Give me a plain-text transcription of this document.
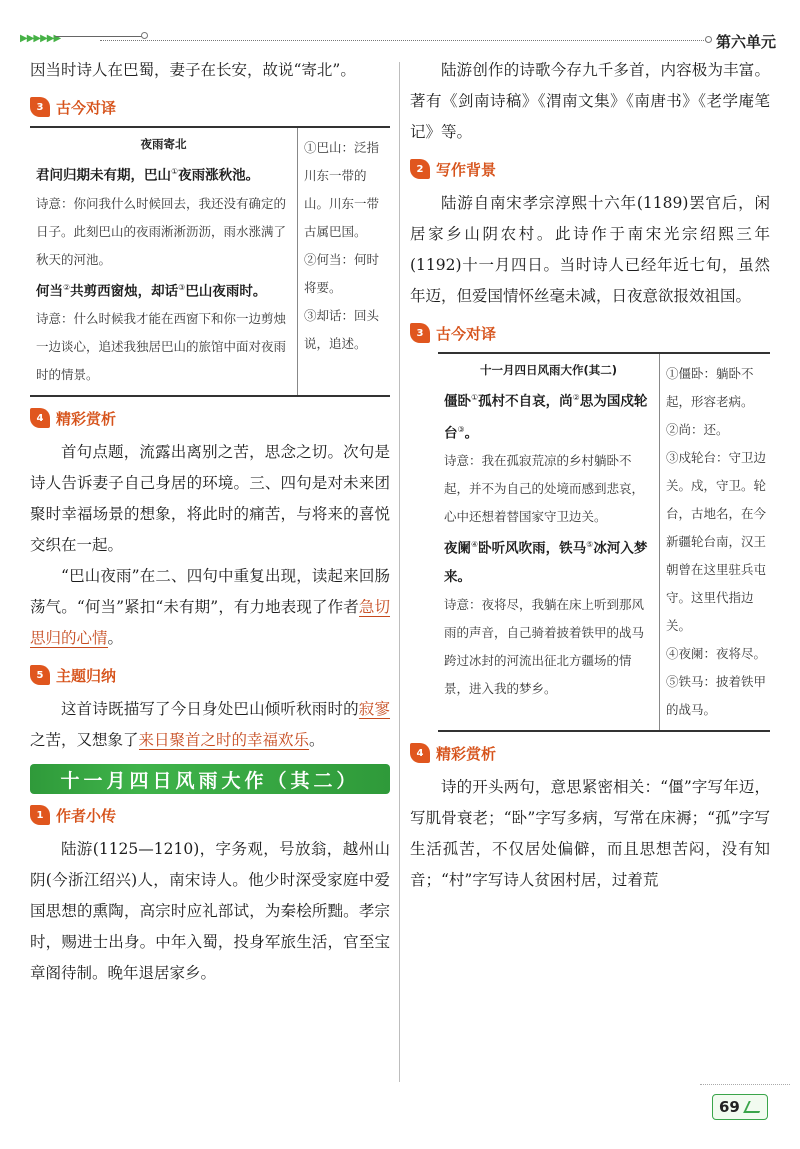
▶▶▶▶▶▶	第六单元

因当时诗人在巴蜀，妻子在长安，故说“寄北”。

3 古今对译
夜雨寄北
君问归期未有期，巴山①夜雨涨秋池。
诗意：你问我什么时候回去，我还没有确定的日子。此刻巴山的夜雨淅淅沥沥，雨水涨满了秋天的河池。
何当②共剪西窗烛，却话③巴山夜雨时。
诗意：什么时候我才能在西窗下和你一边剪烛一边谈心，追述我独居巴山的旅馆中面对夜雨时的情景。
①巴山：泛指川东一带的山。川东一带古属巴国。
②何当：何时将要。
③却话：回头说，追述。
4 精彩赏析

首句点题，流露出离别之苦，思念之切。次句是诗人告诉妻子自己身居的环境。三、四句是对未来团聚时幸福场景的想象，将此时的痛苦，与将来的喜悦交织在一起。

“巴山夜雨”在二、四句中重复出现，读起来回肠荡气。“何当”紧扣“未有期”，有力地表现了作者急切思归的心情。

5 主题归纳

这首诗既描写了今日身处巴山倾听秋雨时的寂寥之苦，又想象了来日聚首之时的幸福欢乐。

十一月四日风雨大作（其二）
1 作者小传

陆游(1125—1210)，字务观，号放翁，越州山阴(今浙江绍兴)人，南宋诗人。他少时深受家庭中爱国思想的熏陶，高宗时应礼部试，为秦桧所黜。孝宗时，赐进士出身。中年入蜀，投身军旅生活，官至宝章阁待制。晚年退居家乡。

陆游创作的诗歌今存九千多首，内容极为丰富。著有《剑南诗稿》《渭南文集》《南唐书》《老学庵笔记》等。

2 写作背景

陆游自南宋孝宗淳熙十六年(1189)罢官后，闲居家乡山阴农村。此诗作于南宋光宗绍熙三年(1192)十一月四日。当时诗人已经年近七旬，虽然年迈，但爱国情怀丝毫未减，日夜意欲报效祖国。

3 古今对译
十一月四日风雨大作(其二)
僵卧①孤村不自哀，尚②思为国戍轮台③。
诗意：我在孤寂荒凉的乡村躺卧不起，并不为自己的处境而感到悲哀，心中还想着替国家守卫边关。
夜阑④卧听风吹雨，铁马⑤冰河入梦来。
诗意：夜将尽，我躺在床上听到那风雨的声音，自己骑着披着铁甲的战马跨过冰封的河流出征北方疆场的情景，进入我的梦乡。
①僵卧：躺卧不起，形容老病。
②尚：还。
③戍轮台：守卫边关。戍，守卫。轮台，古地名，在今新疆轮台南，汉王朝曾在这里驻兵屯守。这里代指边关。
④夜阑：夜将尽。
⑤铁马：披着铁甲的战马。
4 精彩赏析

诗的开头两句，意思紧密相关：“僵”字写年迈，写肌骨衰老；“卧”字写多病，写常在床褥；“孤”字写生活孤苦，不仅居处偏僻，而且思想苦闷，没有知音；“村”字写诗人贫困村居，过着荒

69
